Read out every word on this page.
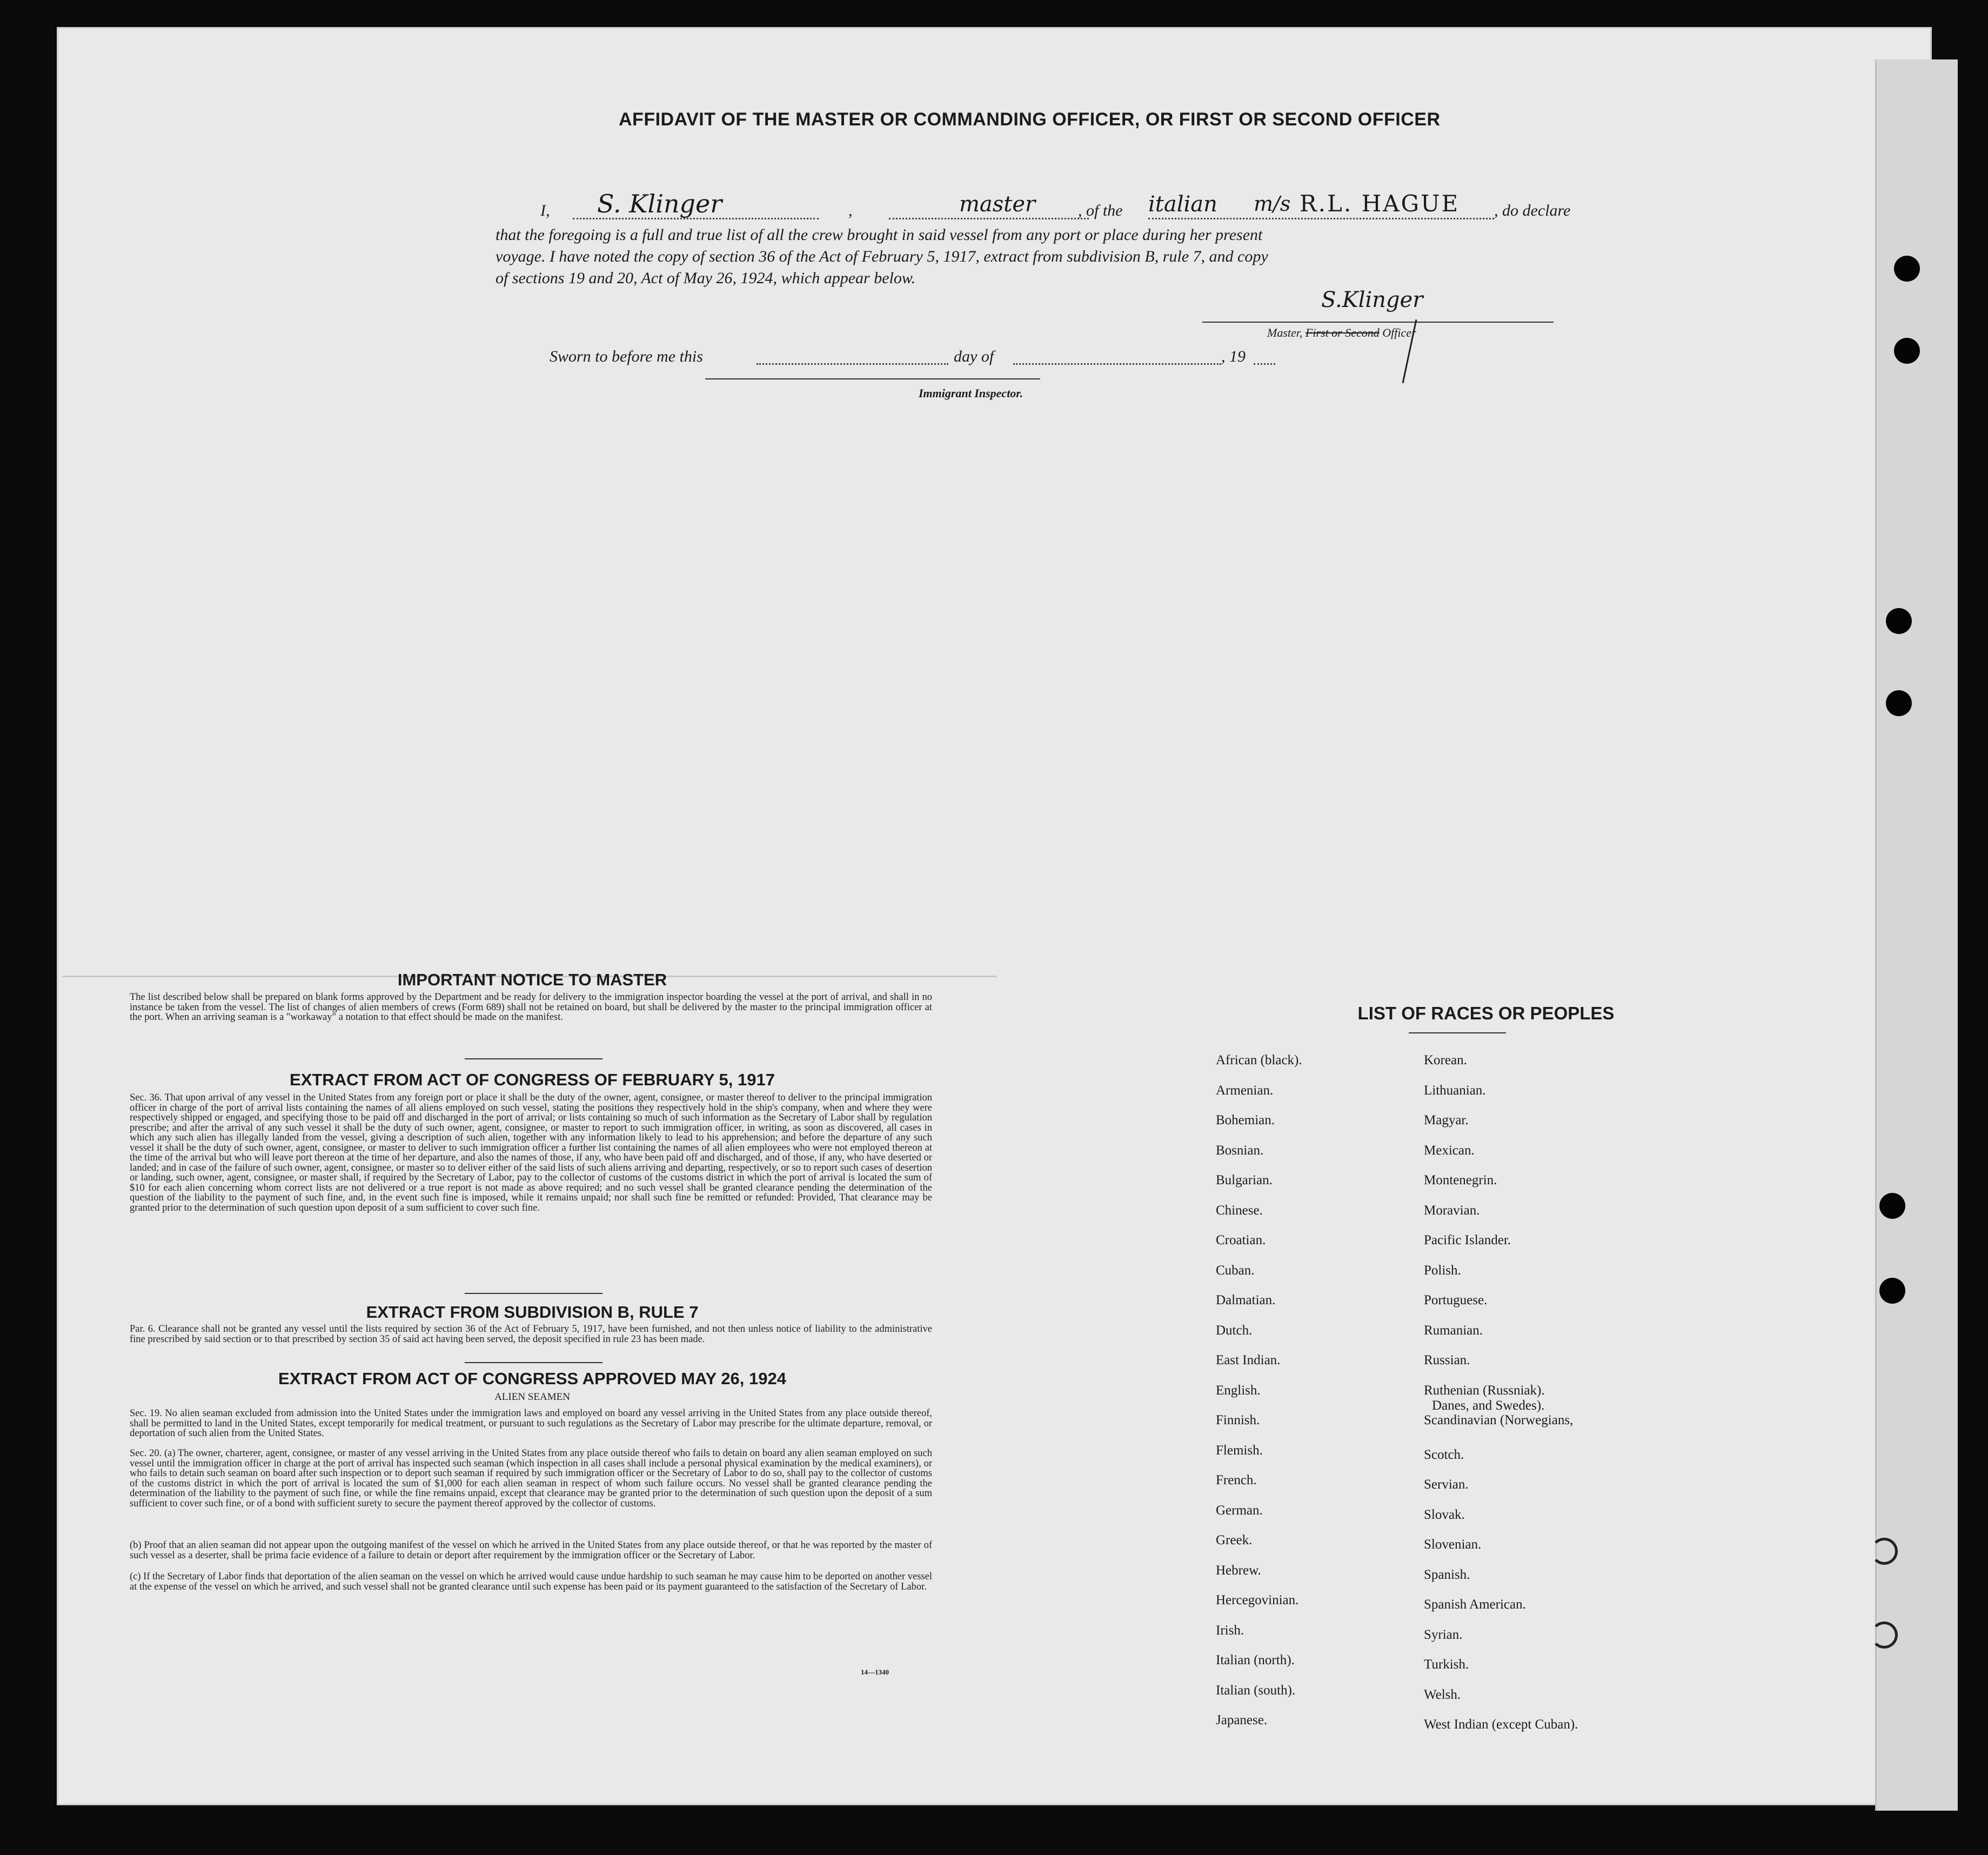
AFFIDAVIT OF THE MASTER OR COMMANDING OFFICER, OR FIRST OR SECOND OFFICER
I, S. Klinger	,	master	, of the italian m/s R.L. HAGUE , do declare
that the foregoing is a full and true list of all the crew brought in said vessel from any port or place during her present
voyage. I have noted the copy of section 36 of the Act of February 5, 1917, extract from subdivision B, rule 7, and copy
of sections 19 and 20, Act of May 26, 1924, which appear below.
S.Klinger
Master, First or Second Officer
Sworn to before me this	day of	, 19
Immigrant Inspector.
IMPORTANT NOTICE TO MASTER
The list described below shall be prepared on blank forms approved by the Department and be ready for delivery to the immigration inspector boarding the vessel at the port of arrival, and shall in no instance be taken from the vessel. The list of changes of alien members of crews (Form 689) shall not be retained on board, but shall be delivered by the master to the principal immigration officer at the port. When an arriving seaman is a "workaway" a notation to that effect should be made on the manifest.
EXTRACT FROM ACT OF CONGRESS OF FEBRUARY 5, 1917
Sec. 36. That upon arrival of any vessel in the United States from any foreign port or place it shall be the duty of the owner, agent, consignee, or master thereof to deliver to the principal immigration officer in charge of the port of arrival lists containing the names of all aliens employed on such vessel, stating the positions they respectively hold in the ship's company, when and where they were respectively shipped or engaged, and specifying those to be paid off and discharged in the port of arrival; or lists containing so much of such information as the Secretary of Labor shall by regulation prescribe; and after the arrival of any such vessel it shall be the duty of such owner, agent, consignee, or master to report to such immigration officer, in writing, as soon as discovered, all cases in which any such alien has illegally landed from the vessel, giving a description of such alien, together with any information likely to lead to his apprehension; and before the departure of any such vessel it shall be the duty of such owner, agent, consignee, or master to deliver to such immigration officer a further list containing the names of all alien employees who were not employed thereon at the time of the arrival but who will leave port thereon at the time of her departure, and also the names of those, if any, who have been paid off and discharged, and of those, if any, who have deserted or landed; and in case of the failure of such owner, agent, consignee, or master so to deliver either of the said lists of such aliens arriving and departing, respectively, or so to report such cases of desertion or landing, such owner, agent, consignee, or master shall, if required by the Secretary of Labor, pay to the collector of customs of the customs district in which the port of arrival is located the sum of $10 for each alien concerning whom correct lists are not delivered or a true report is not made as above required; and no such vessel shall be granted clearance pending the determination of the question of the liability to the payment of such fine, and, in the event such fine is imposed, while it remains unpaid; nor shall such fine be remitted or refunded: Provided, That clearance may be granted prior to the determination of such question upon deposit of a sum sufficient to cover such fine.
EXTRACT FROM SUBDIVISION B, RULE 7
Par. 6. Clearance shall not be granted any vessel until the lists required by section 36 of the Act of February 5, 1917, have been furnished, and not then unless notice of liability to the administrative fine prescribed by said section or to that prescribed by section 35 of said act having been served, the deposit specified in rule 23 has been made.
EXTRACT FROM ACT OF CONGRESS APPROVED MAY 26, 1924
ALIEN SEAMEN
Sec. 19. No alien seaman excluded from admission into the United States under the immigration laws and employed on board any vessel arriving in the United States from any place outside thereof, shall be permitted to land in the United States, except temporarily for medical treatment, or pursuant to such regulations as the Secretary of Labor may prescribe for the ultimate departure, removal, or deportation of such alien from the United States.
Sec. 20. (a) The owner, charterer, agent, consignee, or master of any vessel arriving in the United States from any place outside thereof who fails to detain on board any alien seaman employed on such vessel until the immigration officer in charge at the port of arrival has inspected such seaman (which inspection in all cases shall include a personal physical examination by the medical examiners), or who fails to detain such seaman on board after such inspection or to deport such seaman if required by such immigration officer or the Secretary of Labor to do so, shall pay to the collector of customs of the customs district in which the port of arrival is located the sum of $1,000 for each alien seaman in respect of whom such failure occurs. No vessel shall be granted clearance pending the determination of the liability to the payment of such fine, or while the fine remains unpaid, except that clearance may be granted prior to the determination of such question upon the deposit of a sum sufficient to cover such fine, or of a bond with sufficient surety to secure the payment thereof approved by the collector of customs.
(b) Proof that an alien seaman did not appear upon the outgoing manifest of the vessel on which he arrived in the United States from any place outside thereof, or that he was reported by the master of such vessel as a deserter, shall be prima facie evidence of a failure to detain or deport after requirement by the immigration officer or the Secretary of Labor.
(c) If the Secretary of Labor finds that deportation of the alien seaman on the vessel on which he arrived would cause undue hardship to such seaman he may cause him to be deported on another vessel at the expense of the vessel on which he arrived, and such vessel shall not be granted clearance until such expense has been paid or its payment guaranteed to the satisfaction of the Secretary of Labor.
14—1340
LIST OF RACES OR PEOPLES
Danes, and Swedes).
African (black).
Armenian.
Bohemian.
Bosnian.
Bulgarian.
Chinese.
Croatian.
Cuban.
Dalmatian.
Dutch.
East Indian.
English.
Finnish.
Flemish.
French.
German.
Greek.
Hebrew.
Hercegovinian.
Irish.
Italian (north).
Italian (south).
Japanese.
Korean.
Lithuanian.
Magyar.
Mexican.
Montenegrin.
Moravian.
Pacific Islander.
Polish.
Portuguese.
Rumanian.
Russian.
Ruthenian (Russniak).
Scandinavian (Norwegians,
Scotch.
Servian.
Slovak.
Slovenian.
Spanish.
Spanish American.
Syrian.
Turkish.
Welsh.
West Indian (except Cuban).
